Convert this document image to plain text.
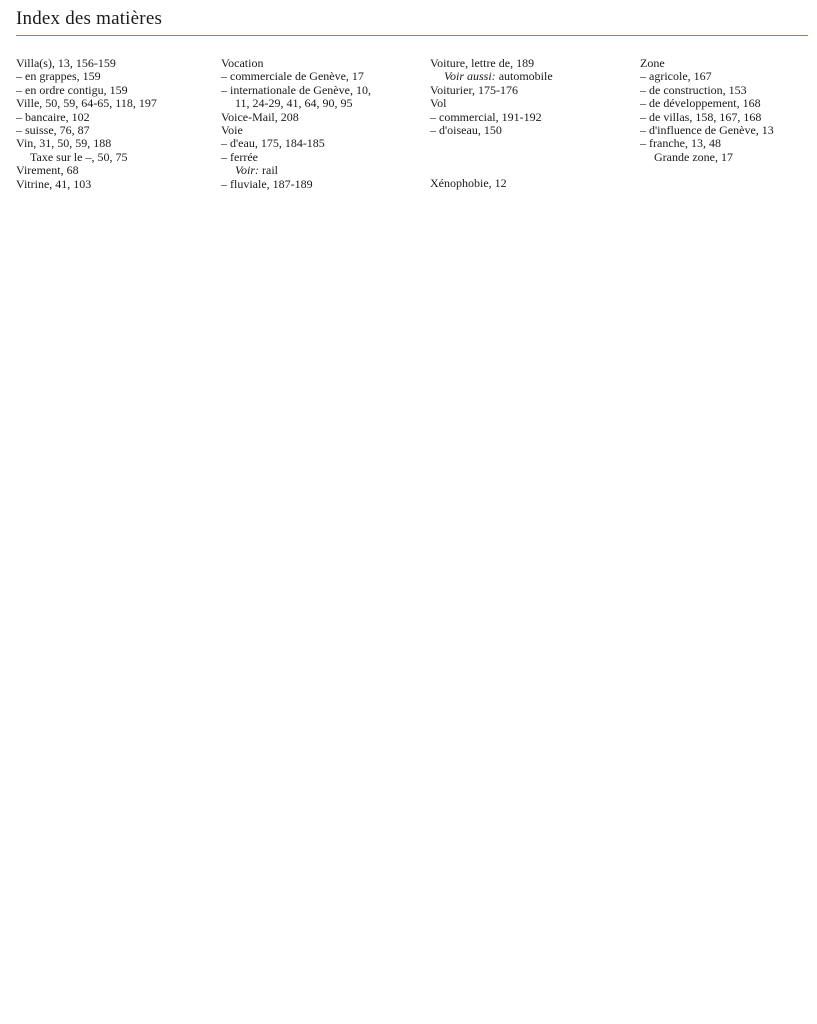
Index des matières
Villa(s), 13, 156-159
– en grappes, 159
– en ordre contigu, 159
Ville, 50, 59, 64-65, 118, 197
– bancaire, 102
– suisse, 76, 87
Vin, 31, 50, 59, 188
Taxe sur le –, 50, 75
Virement, 68
Vitrine, 41, 103
Vocation
– commerciale de Genève, 17
– internationale de Genève, 10,
11, 24-29, 41, 64, 90, 95
Voice-Mail, 208
Voie
– d'eau, 175, 184-185
– ferrée
Voir: rail
– fluviale, 187-189
Voiture, lettre de, 189
Voir aussi: automobile
Voiturier, 175-176
Vol
– commercial, 191-192
– d'oiseau, 150
Xénophobie, 12
Zone
– agricole, 167
– de construction, 153
– de développement, 168
– de villas, 158, 167, 168
– d'influence de Genève, 13
– franche, 13, 48
Grande zone, 17
